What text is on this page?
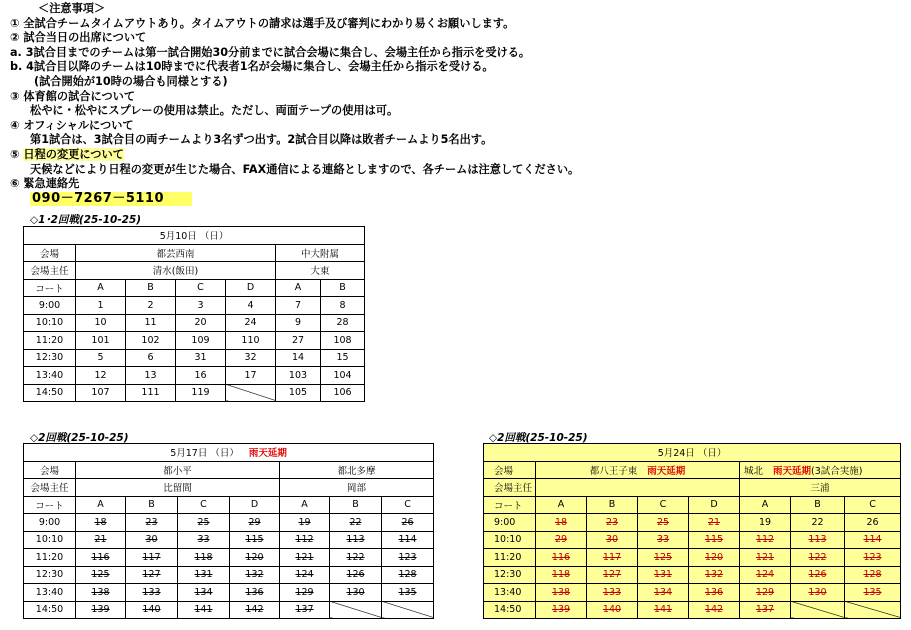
＜注意事項＞
① 全試合チームタイムアウトあり。タイムアウトの請求は選手及び審判にわかり易くお願いします。
② 試合当日の出席について
a. 3試合目までのチームは第一試合開始30分前までに試合会場に集合し、会場主任から指示を受ける。
b. 4試合目以降のチームは10時までに代表者1名が会場に集合し、会場主任から指示を受ける。
(試合開始が10時の場合も同様とする)
③ 体育館の試合について
松やに・松やにスプレーの使用は禁止。ただし、両面テープの使用は可。
④ オフィシャルについて
第1試合は、3試合目の両チームより3名ずつ出す。2試合目以降は敗者チームより5名出す。
⑤ 日程の変更について
天候などにより日程の変更が生じた場合、FAX通信による連絡としますので、各チームは注意してください。
⑥ 緊急連絡先
090－7267－5110
◇1･2回戦(25-10-25)
5月10日 （日）						
会場	都芸西南				中大附属	
会場主任	清水(飯田)				大東	
コート	A	B	C	D	A	B
9:00	1	2	3	4	7	8
10:10	10	11	20	24	9	28
11:20	101	102	109	110	27	108
12:30	5	6	31	32	14	15
13:40	12	13	16	17	103	104
14:50	107	111	119		105	106
◇2回戦(25-10-25)
5月17日 （日） 雨天延期							
会場	都小平				都北多摩		
会場主任	比留間				岡部		
コート	A	B	C	D	A	B	C
9:00	18	23	25	29	19	22	26
10:10	21	30	33	115	112	113	114
11:20	116	117	118	120	121	122	123
12:30	125	127	131	132	124	126	128
13:40	138	133	134	136	129	130	135
14:50	139	140	141	142	137		
◇2回戦(25-10-25)
5月24日 （日）							
会場	都八王子東 雨天延期				城北 雨天延期(3試合実施)		
会場主任					三浦		
コート	A	B	C	D	A	B	C
9:00	18	23	25	21	19	22	26
10:10	29	30	33	115	112	113	114
11:20	116	117	125	120	121	122	123
12:30	118	127	131	132	124	126	128
13:40	138	133	134	136	129	130	135
14:50	139	140	141	142	137		
